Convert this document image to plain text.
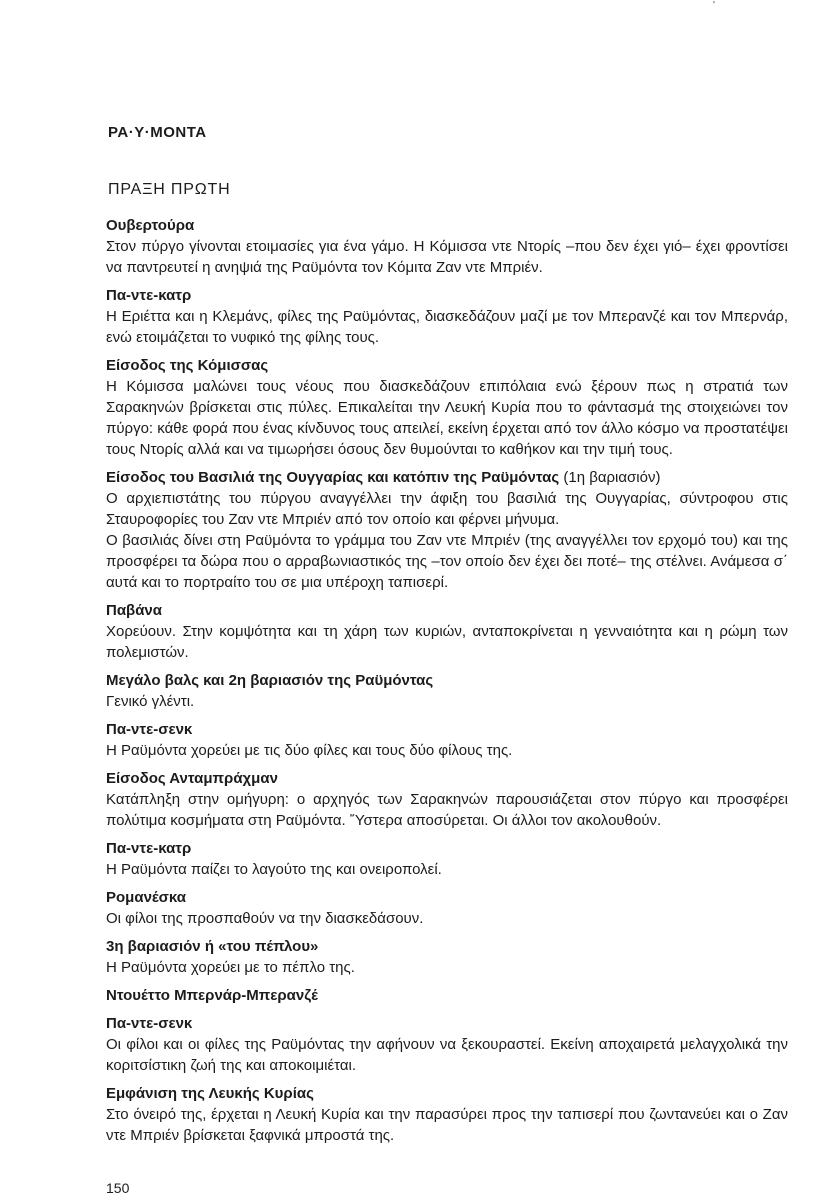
'
ΡΑ·Υ·ΜΟΝΤΑ
ΠΡΑΞΗ ΠΡΩΤΗ

Ουβερτούρα

Στον πύργο γίνονται ετοιμασίες για ένα γάμο. Η Κόμισσα ντε Ντορίς –που δεν έχει γιό– έχει φροντίσει να παντρευτεί η ανηψιά της Ραϋμόντα τον Κόμιτα Ζαν ντε Μπριέν.

Πα-ντε-κατρ

Η Εριέττα και η Κλεμάνς, φίλες της Ραϋμόντας, διασκεδάζουν μαζί με τον Μπερανζέ και τον Μπερνάρ, ενώ ετοιμάζεται το νυφικό της φίλης τους.

Είσοδος της Κόμισσας

Η Κόμισσα μαλώνει τους νέους που διασκεδάζουν επιπόλαια ενώ ξέρουν πως η στρατιά των Σαρακηνών βρίσκεται στις πύλες. Επικαλείται την Λευκή Κυρία που το φάντασμά της στοιχειώνει τον πύργο: κάθε φορά που ένας κίνδυνος τους απειλεί, εκείνη έρχεται από τον άλλο κόσμο να προστατέψει τους Ντορίς αλλά και να τιμωρήσει όσους δεν θυμούνται το καθήκον και την τιμή τους.

Είσοδος του Βασιλιά της Ουγγαρίας και κατόπιν της Ραϋμόντας (1η βαριασιόν)

Ο αρχιεπιστάτης του πύργου αναγγέλλει την άφιξη του βασιλιά της Ουγγαρίας, σύντροφου στις Σταυροφορίες του Ζαν ντε Μπριέν από τον οποίο και φέρνει μήνυμα.

Ο βασιλιάς δίνει στη Ραϋμόντα το γράμμα του Ζαν ντε Μπριέν (της αναγγέλλει τον ερχομό του) και της προσφέρει τα δώρα που ο αρραβωνιαστικός της –τον οποίο δεν έχει δει ποτέ– της στέλνει. Ανάμεσα σ΄ αυτά και το πορτραίτο του σε μια υπέροχη ταπισερί.

Παβάνα

Χορεύουν. Στην κομψότητα και τη χάρη των κυριών, ανταποκρίνεται η γενναιότητα και η ρώμη των πολεμιστών.

Μεγάλο βαλς και 2η βαριασιόν της Ραϋμόντας

Γενικό γλέντι.

Πα-ντε-σενκ

Η Ραϋμόντα χορεύει με τις δύο φίλες και τους δύο φίλους της.

Είσοδος Ανταμπράχμαν

Κατάπληξη στην ομήγυρη: ο αρχηγός των Σαρακηνών παρουσιάζεται στον πύργο και προσφέρει πολύτιμα κοσμήματα στη Ραϋμόντα. ῎Υστερα αποσύρεται. Οι άλλοι τον ακολουθούν.

Πα-ντε-κατρ

Η Ραϋμόντα παίζει το λαγούτο της και ονειροπολεί.

Ρομανέσκα

Οι φίλοι της προσπαθούν να την διασκεδάσουν.

3η βαριασιόν ή «του πέπλου»

Η Ραϋμόντα χορεύει με το πέπλο της.

Ντουέττο Μπερνάρ-Μπερανζέ

Πα-ντε-σενκ

Οι φίλοι και οι φίλες της Ραϋμόντας την αφήνουν να ξεκουραστεί. Εκείνη αποχαιρετά μελαγχολικά την κοριτσίστικη ζωή της και αποκοιμιέται.

Εμφάνιση της Λευκής Κυρίας

Στο όνειρό της, έρχεται η Λευκή Κυρία και την παρασύρει προς την ταπισερί που ζωντανεύει και ο Ζαν ντε Μπριέν βρίσκεται ξαφνικά μπροστά της.

150
